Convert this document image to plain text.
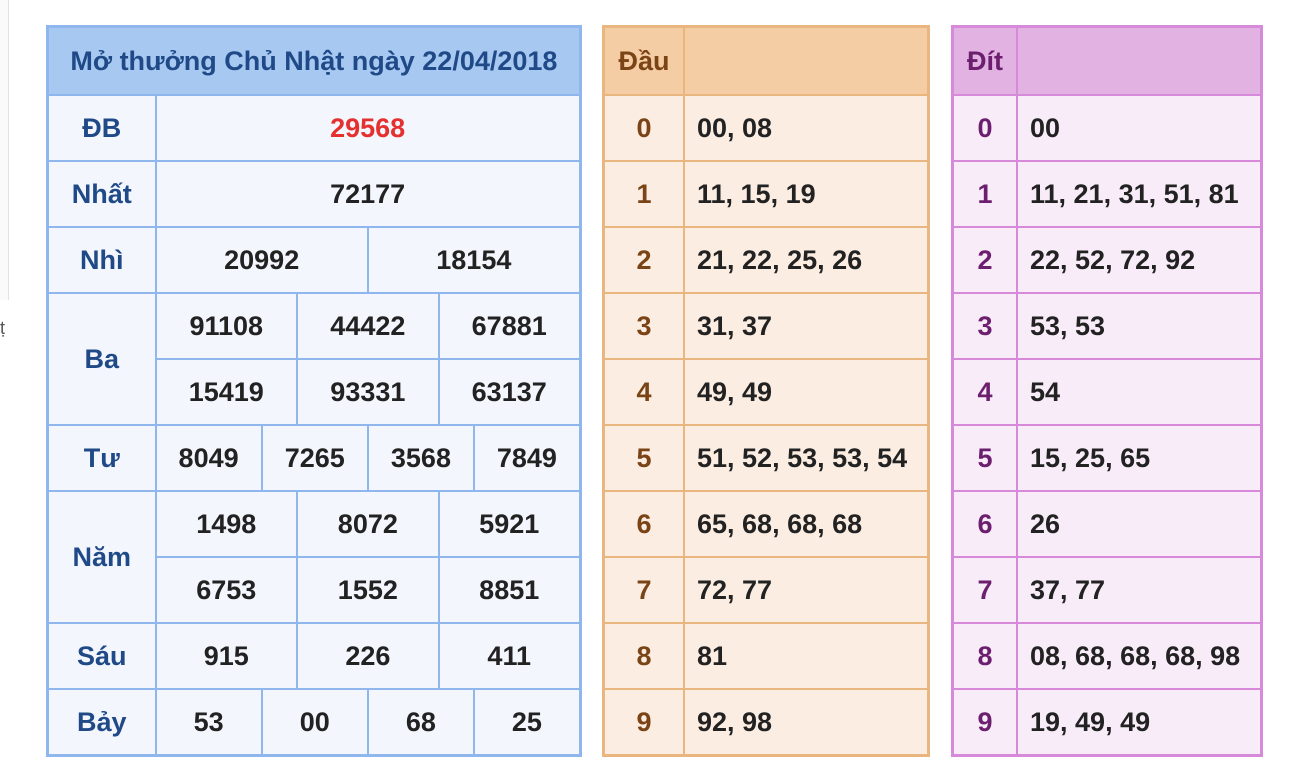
ṭ
Mở thưởng Chủ Nhật ngày 22/04/2018						
ĐB	29568					
Nhất	72177					
Nhì	20992			18154		
Ba	91108		44422		67881	
	15419		93331		63137	
Tư	8049	7265		3568		7849
Năm	1498		8072		5921	
	6753		1552		8851	
Sáu	915		226		411	
Bảy	53	00		68		25
Đầu	
0	00, 08
1	11, 15, 19
2	21, 22, 25, 26
3	31, 37
4	49, 49
5	51, 52, 53, 53, 54
6	65, 68, 68, 68
7	72, 77
8	81
9	92, 98
Đít	
0	00
1	11, 21, 31, 51, 81
2	22, 52, 72, 92
3	53, 53
4	54
5	15, 25, 65
6	26
7	37, 77
8	08, 68, 68, 68, 98
9	19, 49, 49
